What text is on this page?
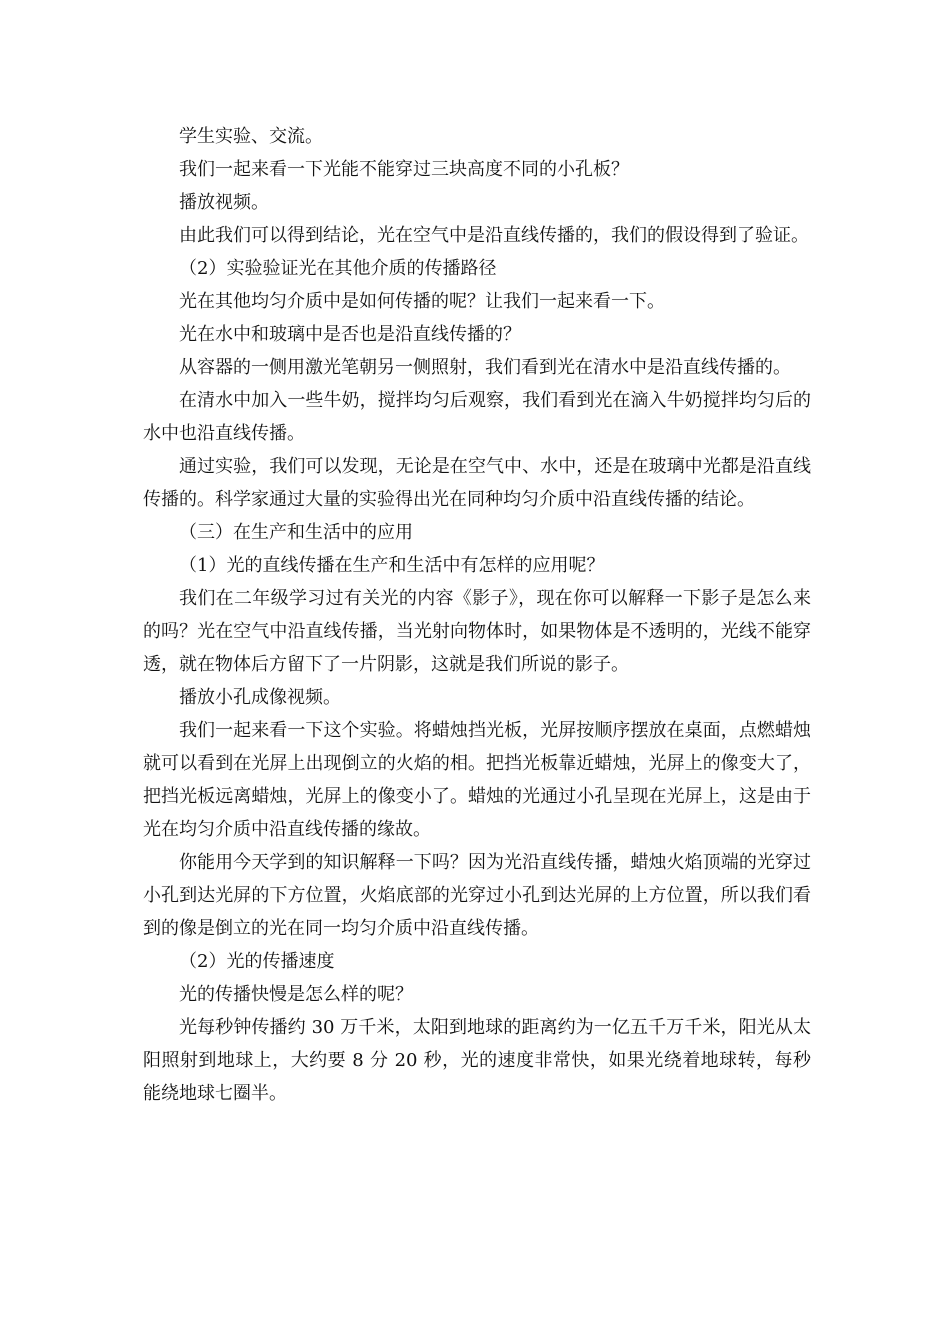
学生实验、交流。

我们一起来看一下光能不能穿过三块高度不同的小孔板？

播放视频。

由此我们可以得到结论，光在空气中是沿直线传播的，我们的假设得到了验证。

（2）实验验证光在其他介质的传播路径

光在其他均匀介质中是如何传播的呢？让我们一起来看一下。

光在水中和玻璃中是否也是沿直线传播的？

从容器的一侧用激光笔朝另一侧照射，我们看到光在清水中是沿直线传播的。

在清水中加入一些牛奶，搅拌均匀后观察，我们看到光在滴入牛奶搅拌均匀后的水中也沿直线传播。

通过实验，我们可以发现，无论是在空气中、水中，还是在玻璃中光都是沿直线传播的。科学家通过大量的实验得出光在同种均匀介质中沿直线传播的结论。

（三）在生产和生活中的应用

（1）光的直线传播在生产和生活中有怎样的应用呢？

我们在二年级学习过有关光的内容《影子》，现在你可以解释一下影子是怎么来的吗？光在空气中沿直线传播，当光射向物体时，如果物体是不透明的，光线不能穿透，就在物体后方留下了一片阴影，这就是我们所说的影子。

播放小孔成像视频。

我们一起来看一下这个实验。将蜡烛挡光板，光屏按顺序摆放在桌面，点燃蜡烛就可以看到在光屏上出现倒立的火焰的相。把挡光板靠近蜡烛，光屏上的像变大了，把挡光板远离蜡烛，光屏上的像变小了。蜡烛的光通过小孔呈现在光屏上，这是由于光在均匀介质中沿直线传播的缘故。

你能用今天学到的知识解释一下吗？因为光沿直线传播，蜡烛火焰顶端的光穿过小孔到达光屏的下方位置，火焰底部的光穿过小孔到达光屏的上方位置，所以我们看到的像是倒立的光在同一均匀介质中沿直线传播。

（2）光的传播速度

光的传播快慢是怎么样的呢？

光每秒钟传播约 30 万千米，太阳到地球的距离约为一亿五千万千米，阳光从太阳照射到地球上，大约要 8 分 20 秒，光的速度非常快，如果光绕着地球转，每秒能绕地球七圈半。
